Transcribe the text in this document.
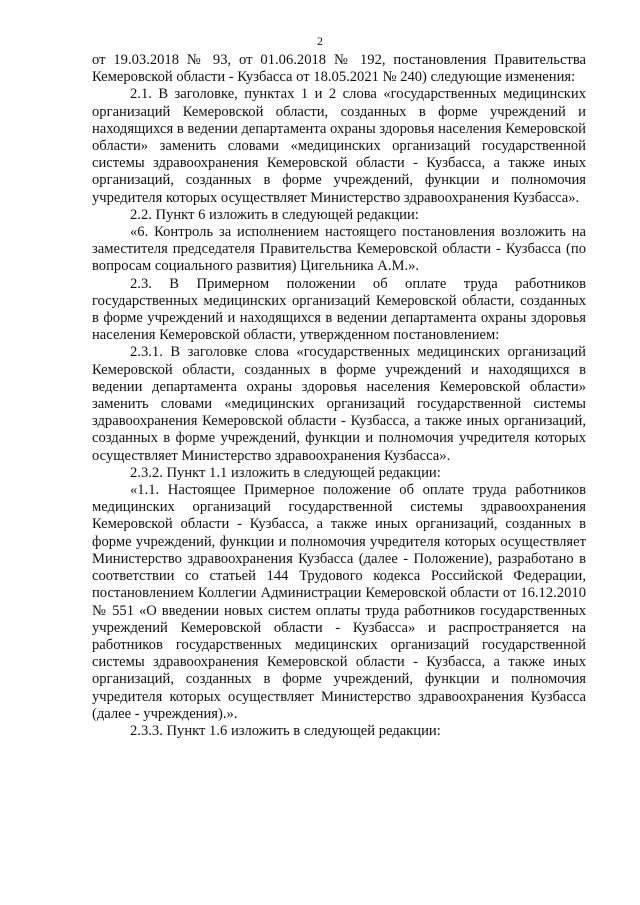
2

от 19.03.2018 № 93, от 01.06.2018 № 192, постановления Правительства Кемеровской области - Кузбасса от 18.05.2021 № 240) следующие изменения:

2.1. В заголовке, пунктах 1 и 2 слова «государственных медицинских организаций Кемеровской области, созданных в форме учреждений и находящихся в ведении департамента охраны здоровья населения Кемеровской области» заменить словами «медицинских организаций государственной системы здравоохранения Кемеровской области - Кузбасса, а также иных организаций, созданных в форме учреждений, функции и полномочия учредителя которых осуществляет Министерство здравоохранения Кузбасса».

2.2. Пункт 6 изложить в следующей редакции:

«6. Контроль за исполнением настоящего постановления возложить на заместителя председателя Правительства Кемеровской области - Кузбасса (по вопросам социального развития) Цигельника А.М.».

2.3. В Примерном положении об оплате труда работников государственных медицинских организаций Кемеровской области, созданных в форме учреждений и находящихся в ведении департамента охраны здоровья населения Кемеровской области, утвержденном постановлением:

2.3.1. В заголовке слова «государственных медицинских организаций Кемеровской области, созданных в форме учреждений и находящихся в ведении департамента охраны здоровья населения Кемеровской области» заменить словами «медицинских организаций государственной системы здравоохранения Кемеровской области - Кузбасса, а также иных организаций, созданных в форме учреждений, функции и полномочия учредителя которых осуществляет Министерство здравоохранения Кузбасса».

2.3.2. Пункт 1.1 изложить в следующей редакции:

«1.1. Настоящее Примерное положение об оплате труда работников медицинских организаций государственной системы здравоохранения Кемеровской области - Кузбасса, а также иных организаций, созданных в форме учреждений, функции и полномочия учредителя которых осуществляет Министерство здравоохранения Кузбасса (далее - Положение), разработано в соответствии со статьей 144 Трудового кодекса Российской Федерации, постановлением Коллегии Администрации Кемеровской области от 16.12.2010 № 551 «О введении новых систем оплаты труда работников государственных учреждений Кемеровской области - Кузбасса» и распространяется на работников государственных медицинских организаций государственной системы здравоохранения Кемеровской области - Кузбасса, а также иных организаций, созданных в форме учреждений, функции и полномочия учредителя которых осуществляет Министерство здравоохранения Кузбасса (далее - учреждения).».

2.3.3. Пункт 1.6 изложить в следующей редакции:
